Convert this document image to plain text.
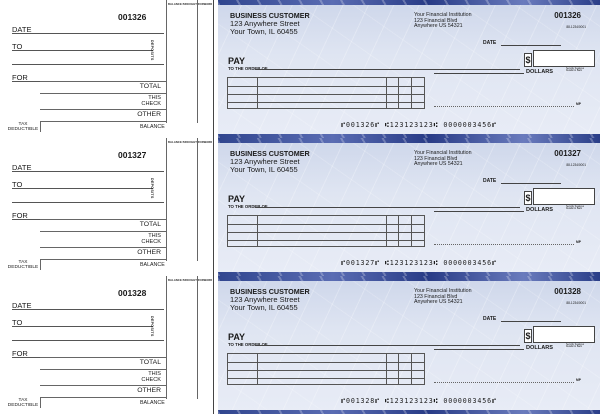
BALANCE BROUGHT FORWARD
001326
DATE
TO	DEPOSITS
FOR
TOTAL
THIS
CHECK
OTHER
TAX
DEDUCTIBLE	BALANCE
BUSINESS CUSTOMER
123 Anywhere Street
Your Town, IL 60455
Your Financial Institution
123 Financial Blvd
Anywhere US 54321
001326
88-1234/0001
DATE
PAY
TO THE ORDER OF
$
DOLLARS	Security Features Details on Back
MP
⑈001326⑈ ⑆123123123⑆ 0000003456⑈
BALANCE BROUGHT FORWARD
001327
DATE
TO	DEPOSITS
FOR
TOTAL
THIS
CHECK
OTHER
TAX
DEDUCTIBLE	BALANCE
BUSINESS CUSTOMER
123 Anywhere Street
Your Town, IL 60455
Your Financial Institution
123 Financial Blvd
Anywhere US 54321
001327
88-1234/0001
DATE
PAY
TO THE ORDER OF
$
DOLLARS	Security Features Details on Back
MP
⑈001327⑈ ⑆123123123⑆ 0000003456⑈
BALANCE BROUGHT FORWARD
001328
DATE
TO	DEPOSITS
FOR
TOTAL
THIS
CHECK
OTHER
TAX
DEDUCTIBLE	BALANCE
BUSINESS CUSTOMER
123 Anywhere Street
Your Town, IL 60455
Your Financial Institution
123 Financial Blvd
Anywhere US 54321
001328
88-1234/0001
DATE
PAY
TO THE ORDER OF
$
DOLLARS	Security Features Details on Back
MP
⑈001328⑈ ⑆123123123⑆ 0000003456⑈
